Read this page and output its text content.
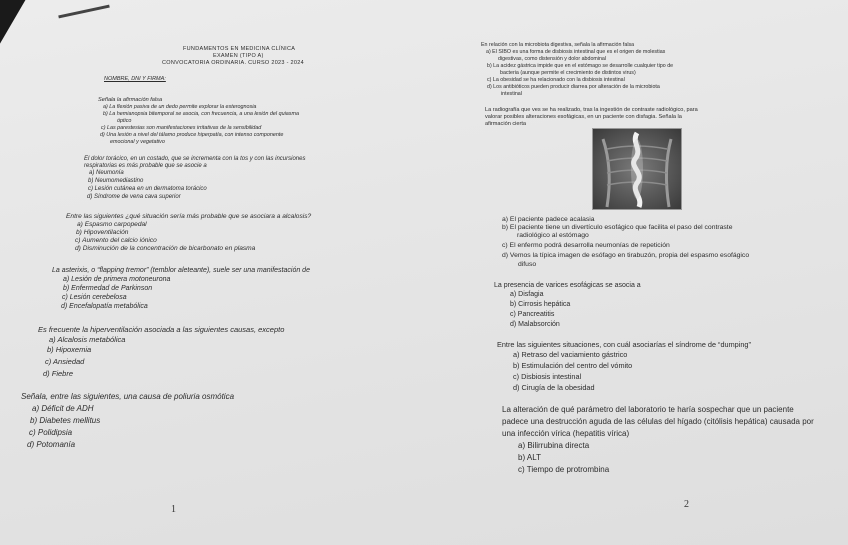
FUNDAMENTOS EN MEDICINA CLÍNICA
EXAMEN (TIPO A)
CONVOCATORIA ORDINARIA. CURSO 2023 - 2024
NOMBRE, DNI Y FIRMA:
Señala la afirmación falsa
a) La flexión pasiva de un dedo permite explorar la esterognosia
b) La hemianopsia bitemporal se asocia, con frecuencia, a una lesión del quiasma
óptico
c) Las parestesias son manifestaciones irritativas de la sensibilidad
d) Una lesión a nivel del tálamo produce hiperpatía, con intenso componente
emocional y vegetativo
El dolor torácico, en un costado, que se incrementa con la tos y con las incursiones
respiratorias es más probable que se asocie a
a) Neumonía
b) Neumomediastino
c) Lesión cutánea en un dermatoma torácico
d) Síndrome de vena cava superior
Entre las siguientes ¿qué situación sería más probable que se asociara a alcalosis?
a) Espasmo carpopedal
b) Hipoventilación
c) Aumento del calcio iónico
d) Disminución de la concentración de bicarbonato en plasma
La asterixis, o “flapping tremor” (temblor aleteante), suele ser una manifestación de
a) Lesión de primera motoneurona
b) Enfermedad de Parkinson
c) Lesión cerebelosa
d) Encefalopatía metabólica
Es frecuente la hiperventilación asociada a las siguientes causas, excepto
a) Alcalosis metabólica
b) Hipoxemia
c) Ansiedad
d) Fiebre
Señala, entre las siguientes, una causa de poliuria osmótica
a) Déficit de ADH
b) Diabetes mellitus
c) Polidipsia
d) Potomanía
1
En relación con la microbiota digestiva, señala la afirmación falsa
a) El SIBO es una forma de disbiosis intestinal que es el origen de molestias
digestivas, como distensión y dolor abdominal
b) La acidez gástrica impide que en el estómago se desarrolle cualquier tipo de
bacteria (aunque permite el crecimiento de distintos virus)
c) La obesidad se ha relacionado con la disbiosis intestinal
d) Los antibióticos pueden producir diarrea por alteración de la microbiota
intestinal
La radiografía que ves se ha realizado, tras la ingestión de contraste radiológico, para
valorar posibles alteraciones esofágicas, en un paciente con disfagia. Señala la
afirmación cierta
a) El paciente padece acalasia
b) El paciente tiene un divertículo esofágico que facilita el paso del contraste
radiológico al estómago
c) El enfermo podrá desarrolla neumonías de repetición
d) Vemos la típica imagen de esófago en tirabuzón, propia del espasmo esofágico
difuso
La presencia de varices esofágicas se asocia a
a) Disfagia
b) Cirrosis hepática
c) Pancreatitis
d) Malabsorción
Entre las siguientes situaciones, con cuál asociarías el síndrome de “dumping”
a) Retraso del vaciamiento gástrico
b) Estimulación del centro del vómito
c) Disbiosis intestinal
d) Cirugía de la obesidad
La alteración de qué parámetro del laboratorio te haría sospechar que un paciente
padece una destrucción aguda de las células del hígado (citólisis hepática) causada por
una infección vírica (hepatitis vírica)
a) Bilirrubina directa
b) ALT
c) Tiempo de protrombina
2
